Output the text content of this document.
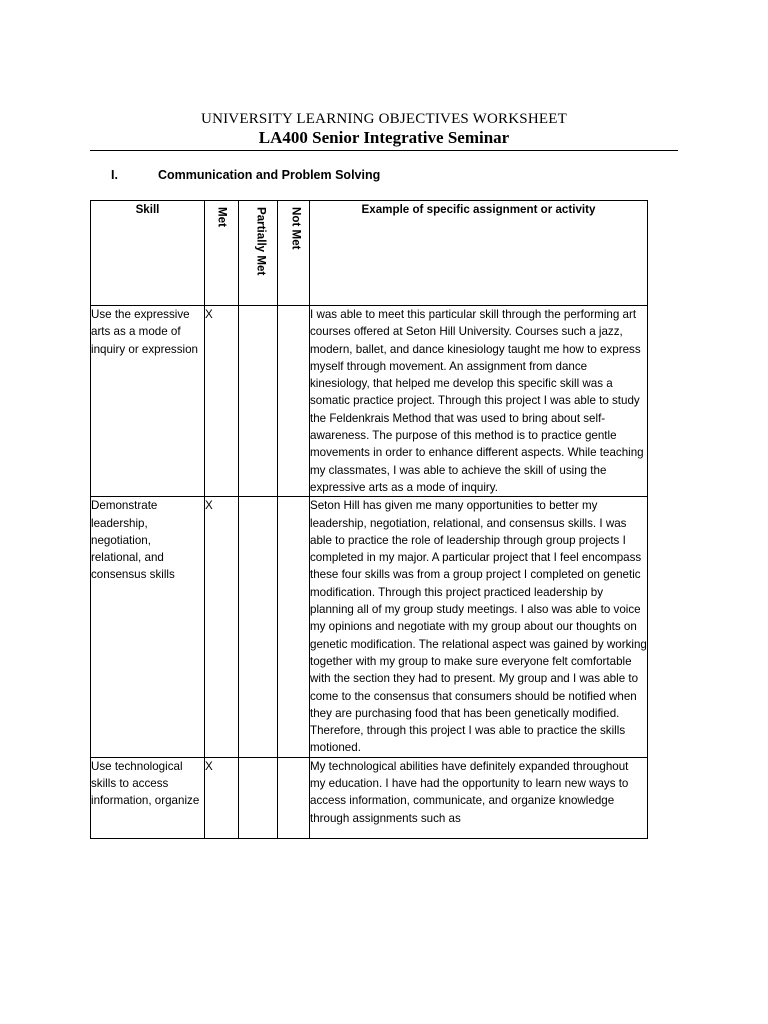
UNIVERSITY LEARNING OBJECTIVES WORKSHEET
LA400 Senior Integrative Seminar
I.	Communication and Problem Solving
Skill	Met	Partially Met	Not Met	Example of specific assignment or activity
Use the expressive arts as a mode of inquiry or expression	X			I was able to meet this particular skill through the performing art courses offered at Seton Hill University. Courses such a jazz, modern, ballet, and dance kinesiology taught me how to express myself through movement. An assignment from dance kinesiology, that helped me develop this specific skill was a somatic practice project. Through this project I was able to study the Feldenkrais Method that was used to bring about self-awareness. The purpose of this method is to practice gentle movements in order to enhance different aspects. While teaching my classmates, I was able to achieve the skill of using the expressive arts as a mode of inquiry.
Demonstrate leadership, negotiation, relational, and consensus skills	X			Seton Hill has given me many opportunities to better my leadership, negotiation, relational, and consensus skills. I was able to practice the role of leadership through group projects I completed in my major. A particular project that I feel encompass these four skills was from a group project I completed on genetic modification. Through this project practiced leadership by planning all of my group study meetings. I also was able to voice my opinions and negotiate with my group about our thoughts on genetic modification. The relational aspect was gained by working together with my group to make sure everyone felt comfortable with the section they had to present. My group and I was able to come to the consensus that consumers should be notified when they are purchasing food that has been genetically modified. Therefore, through this project I was able to practice the skills motioned.
Use technological skills to access information, organize	X			My technological abilities have definitely expanded throughout my education. I have had the opportunity to learn new ways to access information, communicate, and organize knowledge through assignments such as
